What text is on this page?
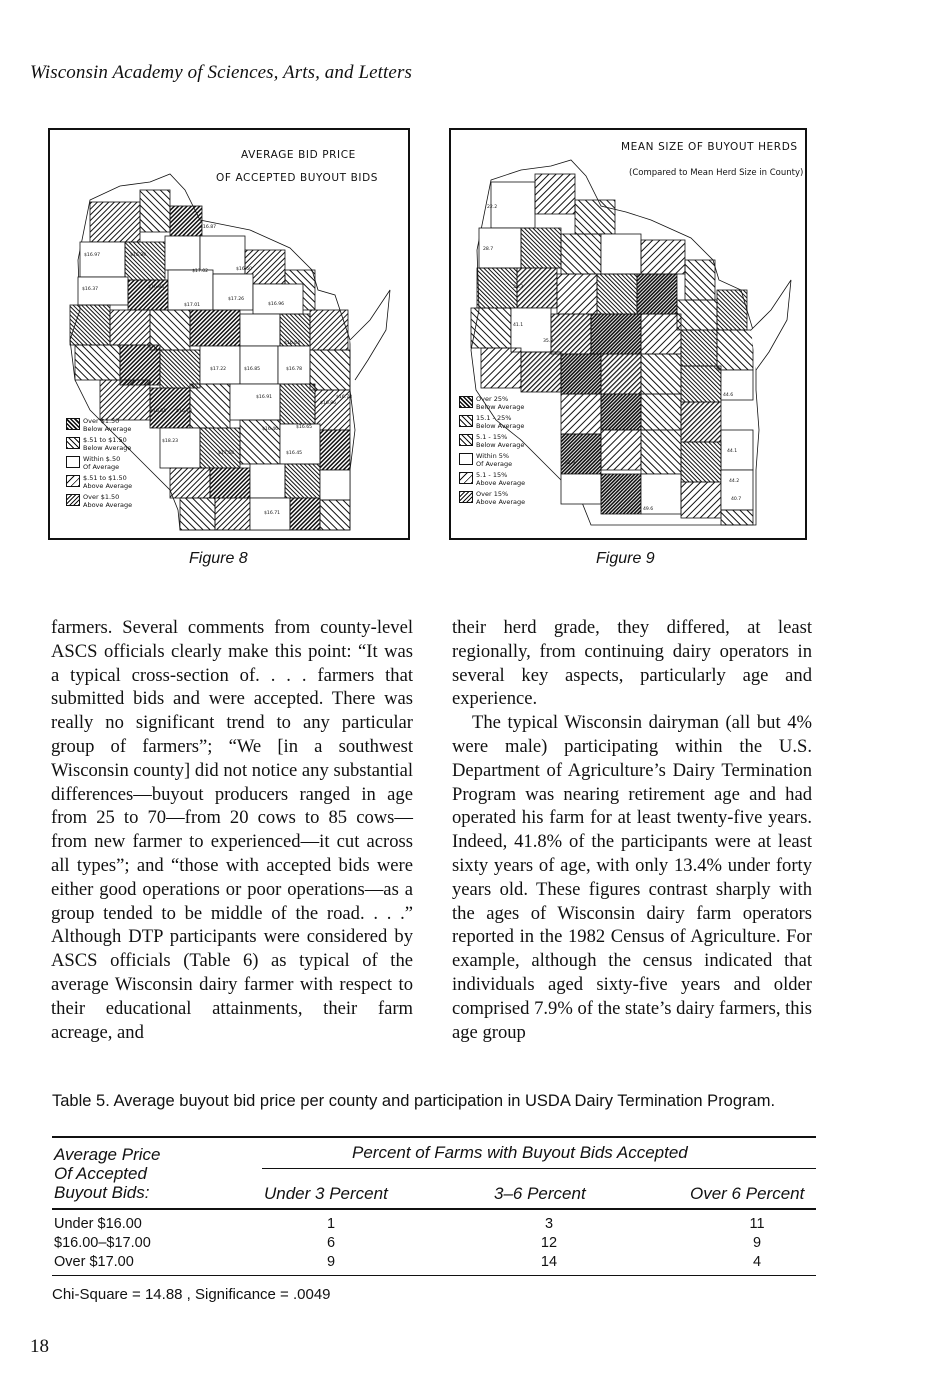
Wisconsin Academy of Sciences, Arts, and Letters
$16.97	$16.39
$17.02	$16.50
$16.37	$16.83
$17.01
$17.26
$16.96
$16.87
$17.22	$16.85	$16.78
$16.64
$16.91
$16.54 $16.78
$18.23
$17.58	$16.45
$16.65
$16.46
$16.71
$16.86
$16.78
AVERAGE BID PRICE
OF ACCEPTED BUYOUT BIDS
Over $1.50
Below Average
$.51 to $1.50
Below Average
Within $.50
Of Average
$.51 to $1.50
Above Average
Over $1.50
Above Average
22.2
28.7
38.3
41.1
35.7
44.6
44.1
44.2
40.7
49.6
32.9
MEAN SIZE OF BUYOUT HERDS
(Compared to Mean Herd Size in County)
Over 25%
Below Average
15.1 - 25%
Below Average
5.1 - 15%
Below Average
Within 5%
Of Average
5.1 - 15%
Above Average
Over 15%
Above Average
Figure 8	Figure 9

farmers. Several comments from county-level ASCS officials clearly make this point: “It was a typical cross-section of. . . . farmers that submitted bids and were accepted. There was really no significant trend to any particular group of farmers”; “We [in a southwest Wisconsin county] did not notice any substantial differences—buyout producers ranged in age from 25 to 70—from 20 cows to 85 cows—from new farmer to experienced—it cut across all types”; and “those with accepted bids were either good operations or poor operations—as a group tended to be middle of the road. . . .” Although DTP participants were considered by ASCS officials (Table 6) as typical of the average Wisconsin dairy farmer with respect to their educational attainments, their farm acreage, and

their herd grade, they differed, at least regionally, from continuing dairy operators in several key aspects, particularly age and experience.

The typical Wisconsin dairyman (all but 4% were male) participating within the U.S. Department of Agriculture’s Dairy Termination Program was nearing retirement age and had operated his farm for at least twenty-five years. Indeed, 41.8% of the participants were at least sixty years of age, with only 13.4% under forty years old. These figures contrast sharply with the ages of Wisconsin dairy farm operators reported in the 1982 Census of Agriculture. For example, although the census indicated that individuals aged sixty-five years and older comprised 7.9% of the state’s dairy farmers, this age group

Table 5. Average buyout bid price per county and participation in USDA Dairy Termination Program.
Average Price
Of Accepted
Buyout Bids:
Percent of Farms with Buyout Bids Accepted
Under 3 Percent	3–6 Percent	Over 6 Percent
Under $16.00	1	3	11
$16.00–$17.00	6	12	9
Over $17.00	9	14	4
Chi-Square = 14.88 , Significance = .0049
18
